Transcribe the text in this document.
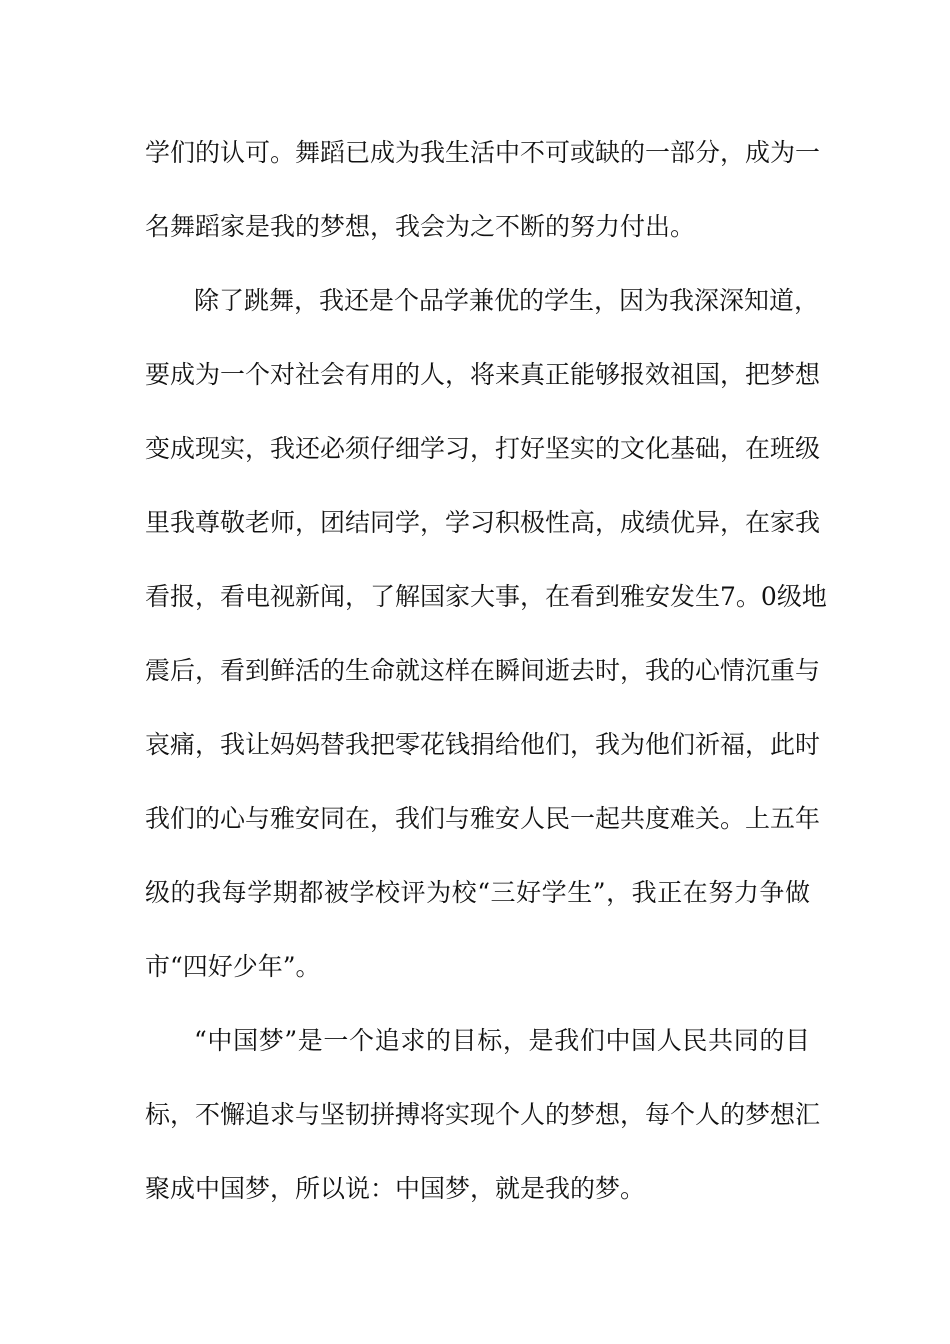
学们的认可。舞蹈已成为我生活中不可或缺的一部分，成为一
名舞蹈家是我的梦想，我会为之不断的努力付出。
除了跳舞，我还是个品学兼优的学生，因为我深深知道，
要成为一个对社会有用的人，将来真正能够报效祖国，把梦想
变成现实，我还必须仔细学习，打好坚实的文化基础，在班级
里我尊敬老师，团结同学，学习积极性高，成绩优异，在家我
看报，看电视新闻，了解国家大事，在看到雅安发生7。0级地
震后，看到鲜活的生命就这样在瞬间逝去时，我的心情沉重与
哀痛，我让妈妈替我把零花钱捐给他们，我为他们祈福，此时
我们的心与雅安同在，我们与雅安人民一起共度难关。上五年
级的我每学期都被学校评为校“三好学生”，我正在努力争做
市“四好少年”。
“中国梦”是一个追求的目标，是我们中国人民共同的目
标，不懈追求与坚韧拼搏将实现个人的梦想，每个人的梦想汇
聚成中国梦，所以说：中国梦，就是我的梦。
